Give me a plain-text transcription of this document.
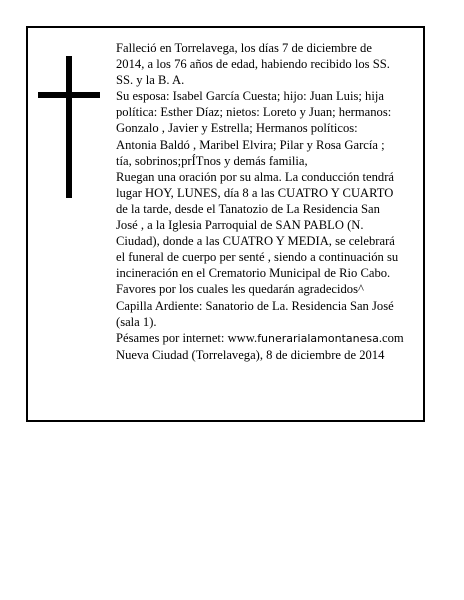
Falleció en Torrelavega, los días 7 de diciembre de
2014, a los 76 años de edad, habiendo recibido los SS.
SS. y la B. A.
Su esposa: Isabel García Cuesta; hijo: Juan Luis; hija
política: Esther Díaz; nietos: Loreto y Juan; hermanos:
Gonzalo , Javier y Estrella; Hermanos políticos:
Antonia Baldó , Maribel Elvira; Pilar y Rosa García ;
tía, sobrinos;prÍTnos y demás familia,
Ruegan una oración por su alma. La conducción tendrá
lugar HOY, LUNES, día 8 a las CUATRO Y CUARTO
de la tarde, desde el Tanatozio de La Residencia San
José , a la Iglesia Parroquial de SAN PABLO (N.
Ciudad), donde a las CUATRO Y MEDIA, se celebrará
el funeral de cuerpo per senté , siendo a continuación su
incineración en el Crematorio Municipal de Rio Cabo.
Favores por los cuales les quedarán agradecidos^
Capilla Ardiente: Sanatorio de La. Residencia San José
(sala 1).
Pésames por internet: www.funerarialamontanesa.com
Nueva Ciudad (Torrelavega), 8 de diciembre de 2014
